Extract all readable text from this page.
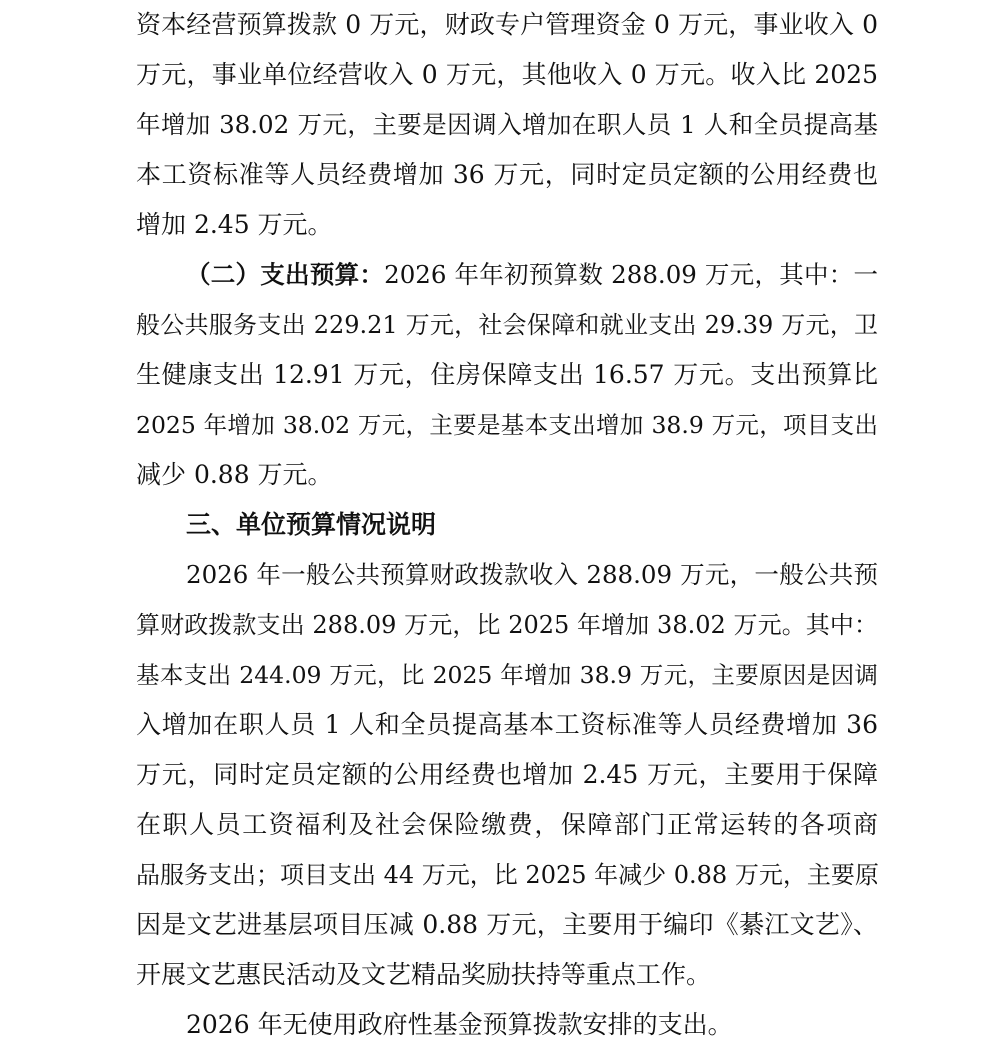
资本经营预算拨款 0 万元，财政专户管理资金 0 万元，事业收入 0
万元，事业单位经营收入 0 万元，其他收入 0 万元。收入比 2025
年增加 38.02 万元，主要是因调入增加在职人员 1 人和全员提高基
本工资标准等人员经费增加 36 万元，同时定员定额的公用经费也
增加 2.45 万元。
（二）支出预算：2026 年年初预算数 288.09 万元，其中：一
般公共服务支出 229.21 万元，社会保障和就业支出 29.39 万元，卫
生健康支出 12.91 万元，住房保障支出 16.57 万元。支出预算比
2025 年增加 38.02 万元，主要是基本支出增加 38.9 万元，项目支出
减少 0.88 万元。
三、单位预算情况说明
2026 年一般公共预算财政拨款收入 288.09 万元，一般公共预
算财政拨款支出 288.09 万元，比 2025 年增加 38.02 万元。其中：
基本支出 244.09 万元，比 2025 年增加 38.9 万元，主要原因是因调
入增加在职人员 1 人和全员提高基本工资标准等人员经费增加 36
万元，同时定员定额的公用经费也增加 2.45 万元，主要用于保障
在职人员工资福利及社会保险缴费，保障部门正常运转的各项商
品服务支出；项目支出 44 万元，比 2025 年减少 0.88 万元，主要原
因是文艺进基层项目压减 0.88 万元，主要用于编印《綦江文艺》、
开展文艺惠民活动及文艺精品奖励扶持等重点工作。
2026 年无使用政府性基金预算拨款安排的支出。
